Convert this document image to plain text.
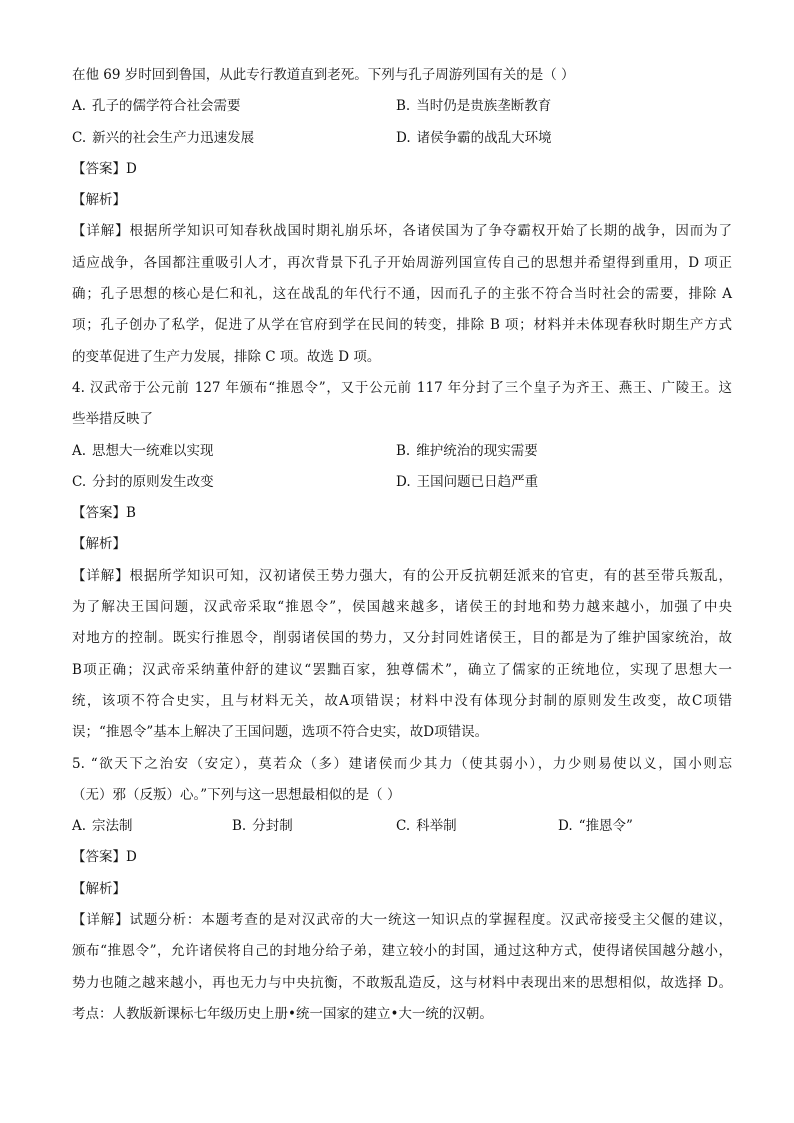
在他 69 岁时回到鲁国，从此专行教道直到老死。下列与孔子周游列国有关的是（ ）
A. 孔子的儒学符合社会需要	B. 当时仍是贵族垄断教育
C. 新兴的社会生产力迅速发展	D. 诸侯争霸的战乱大环境
【答案】D
【解析】
【详解】根据所学知识可知春秋战国时期礼崩乐坏，各诸侯国为了争夺霸权开始了长期的战争，因而为了
适应战争，各国都注重吸引人才，再次背景下孔子开始周游列国宣传自己的思想并希望得到重用，D 项正
确；孔子思想的核心是仁和礼，这在战乱的年代行不通，因而孔子的主张不符合当时社会的需要，排除 A
项；孔子创办了私学，促进了从学在官府到学在民间的转变，排除 B 项；材料并未体现春秋时期生产方式
的变革促进了生产力发展，排除 C 项。故选 D 项。
4. 汉武帝于公元前 127 年颁布“推恩令”，又于公元前 117 年分封了三个皇子为齐王、燕王、广陵王。这
些举措反映了
A. 思想大一统难以实现	B. 维护统治的现实需要
C. 分封的原则发生改变	D. 王国问题已日趋严重
【答案】B
【解析】
【详解】根据所学知识可知，汉初诸侯王势力强大，有的公开反抗朝廷派来的官吏，有的甚至带兵叛乱，
为了解决王国问题，汉武帝采取“推恩令”，侯国越来越多，诸侯王的封地和势力越来越小，加强了中央
对地方的控制。既实行推恩令，削弱诸侯国的势力，又分封同姓诸侯王，目的都是为了维护国家统治，故
B项正确；汉武帝采纳董仲舒的建议“罢黜百家，独尊儒术”，确立了儒家的正统地位，实现了思想大一
统，该项不符合史实，且与材料无关，故A项错误；材料中没有体现分封制的原则发生改变，故C项错
误；“推恩令”基本上解决了王国问题，选项不符合史实，故D项错误。
5. “欲天下之治安（安定），莫若众（多）建诸侯而少其力（使其弱小），力少则易使以义，国小则忘
（无）邪（反叛）心。”下列与这一思想最相似的是（ ）
A. 宗法制	B. 分封制	C. 科举制	D. “推恩令”
【答案】D
【解析】
【详解】试题分析：本题考查的是对汉武帝的大一统这一知识点的掌握程度。汉武帝接受主父偃的建议，
颁布“推恩令”，允许诸侯将自己的封地分给子弟，建立较小的封国，通过这种方式，使得诸侯国越分越小，
势力也随之越来越小，再也无力与中央抗衡，不敢叛乱造反，这与材料中表现出来的思想相似，故选择 D。
考点：人教版新课标七年级历史上册•统一国家的建立•大一统的汉朝。
